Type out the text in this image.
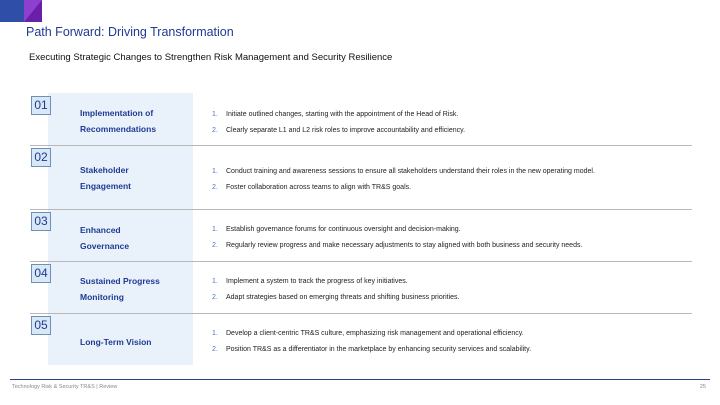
Path Forward: Driving Transformation
Executing Strategic Changes to Strengthen Risk Management and Security Resilience
01
Implementation of
Recommendations
1. Initiate outlined changes, starting with the appointment of the Head of Risk.
2. Clearly separate L1 and L2 risk roles to improve accountability and efficiency.
02
Stakeholder
Engagement
1. Conduct training and awareness sessions to ensure all stakeholders understand their roles in the new operating model.
2. Foster collaboration across teams to align with TR&S goals.
03
Enhanced
Governance
1. Establish governance forums for continuous oversight and decision-making.
2. Regularly review progress and make necessary adjustments to stay aligned with both business and security needs.
04
Sustained Progress
Monitoring
1. Implement a system to track the progress of key initiatives.
2. Adapt strategies based on emerging threats and shifting business priorities.
05
Long-Term Vision
1. Develop a client-centric TR&S culture, emphasizing risk management and operational efficiency.
2. Position TR&S as a differentiator in the marketplace by enhancing security services and scalability.
Technology Risk & Security TR&S | Review	25
